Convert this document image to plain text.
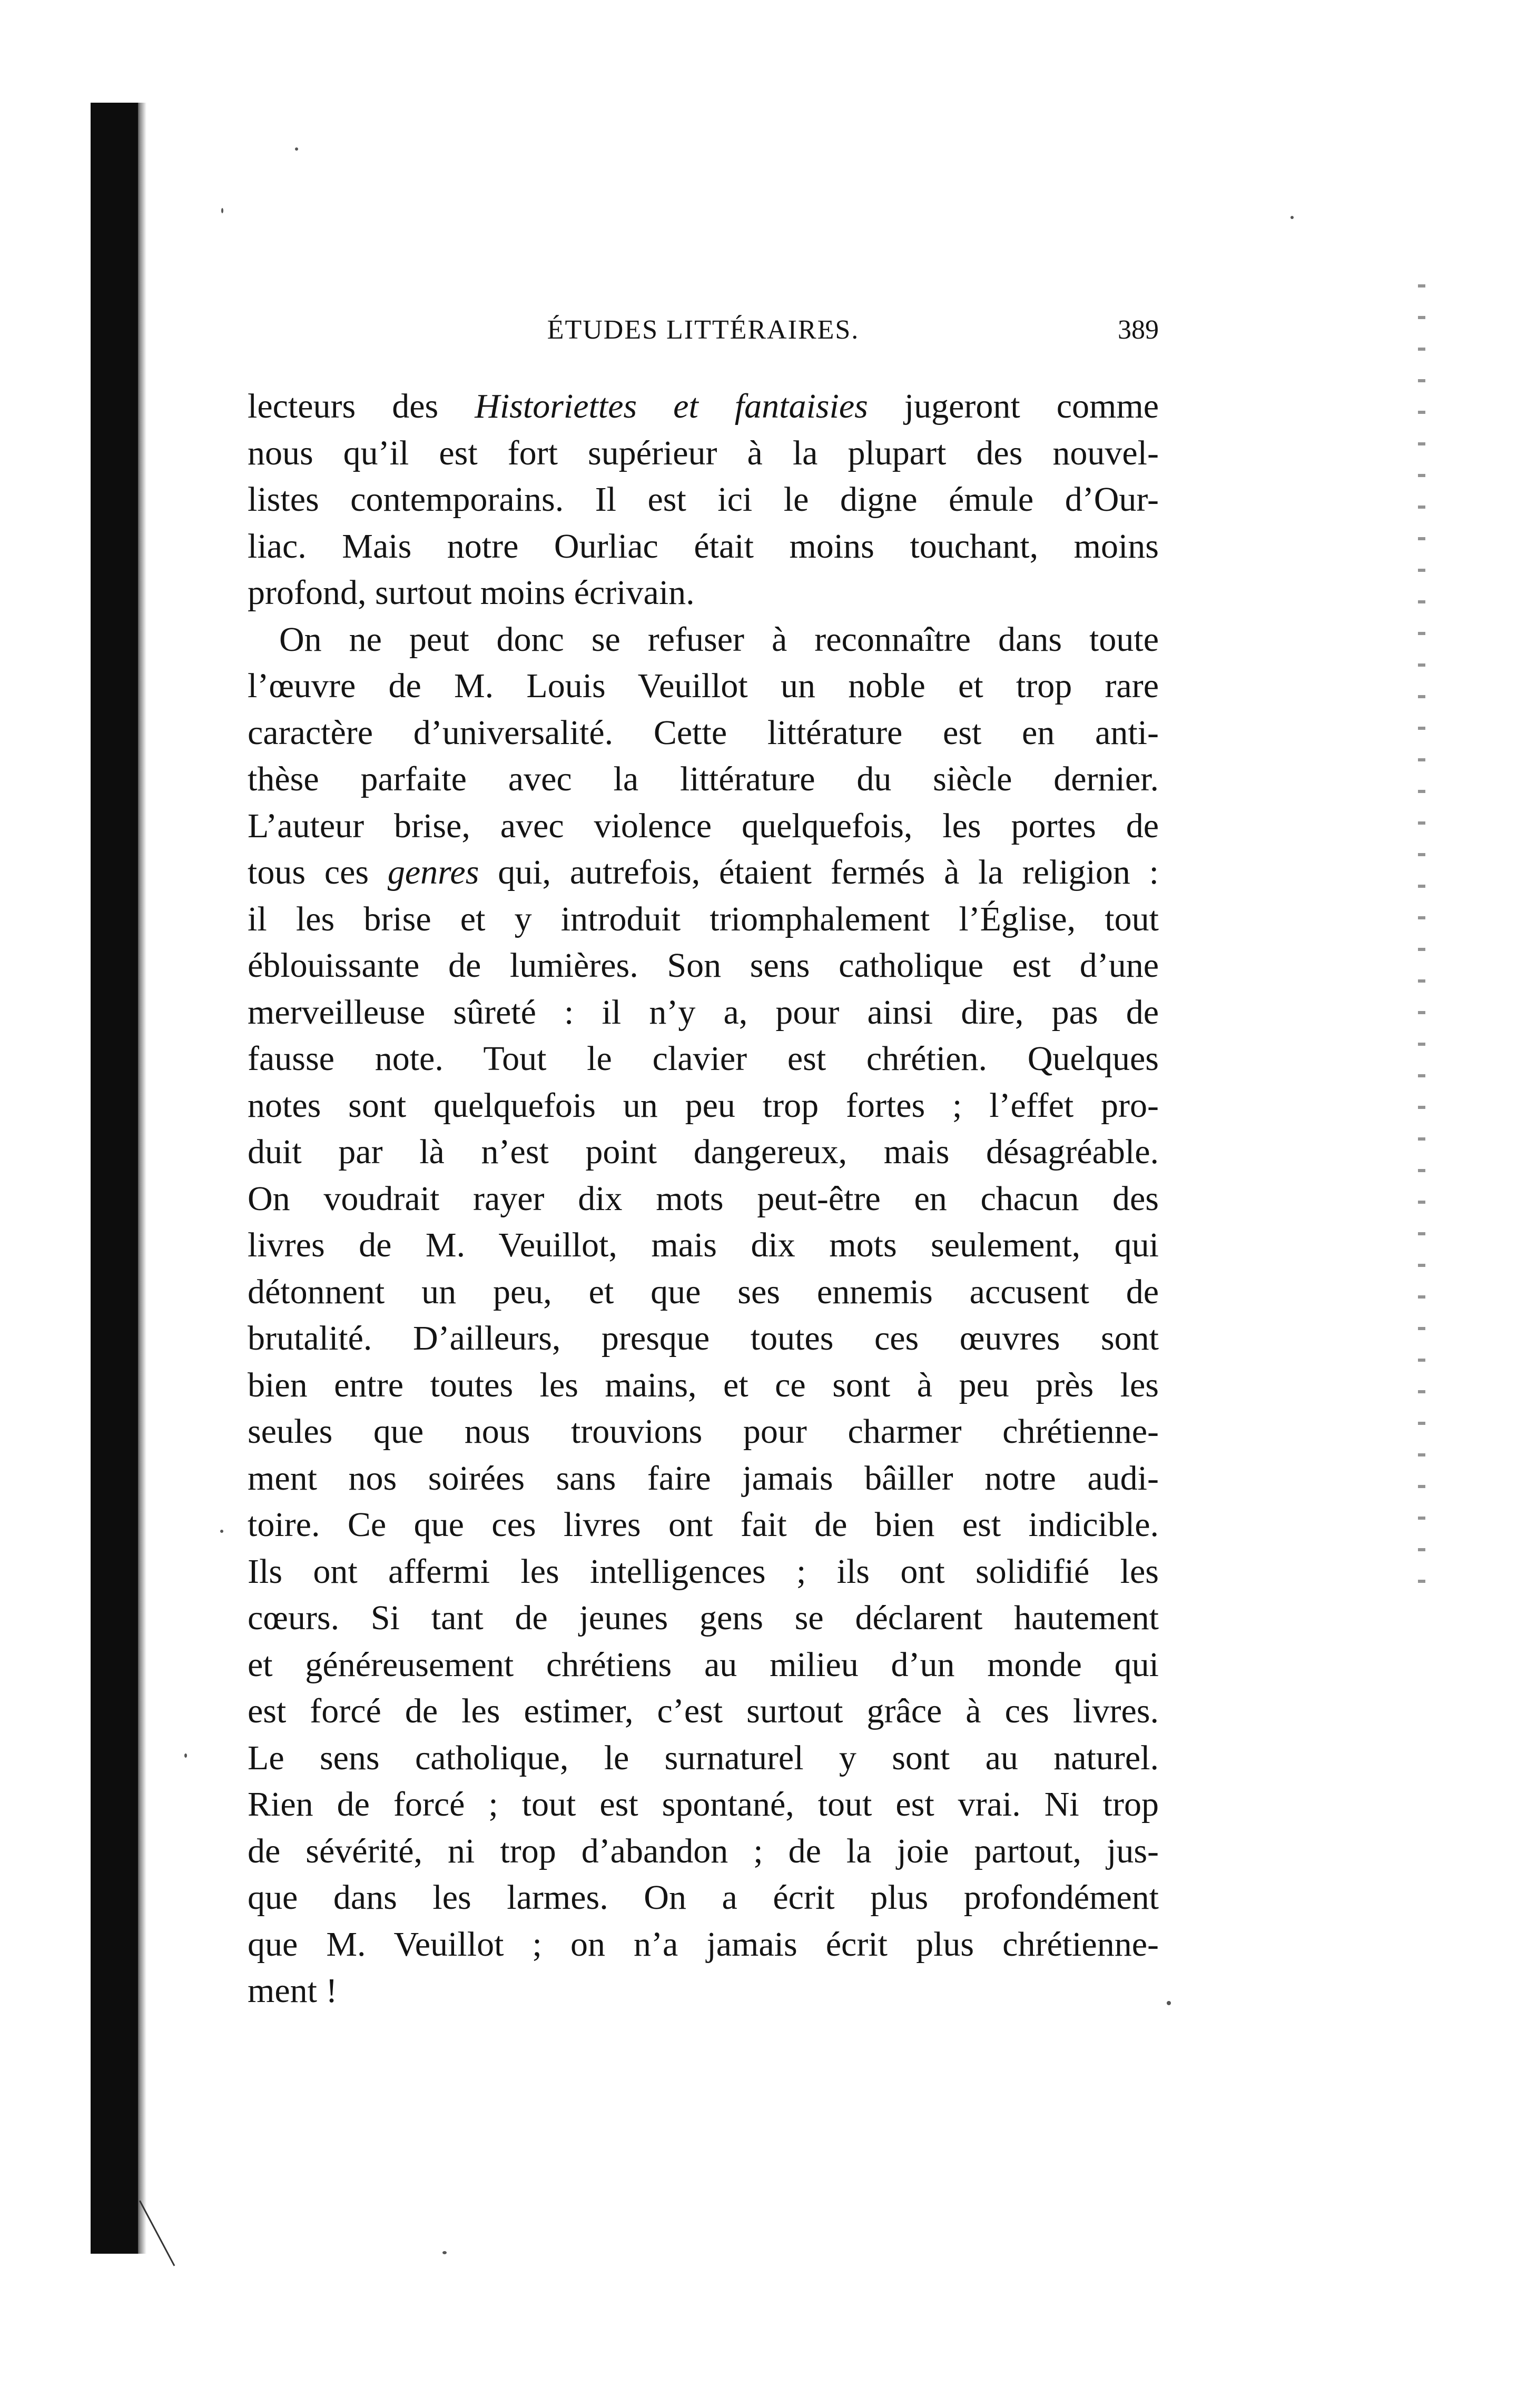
ÉTUDES LITTÉRAIRES.	389
lecteurs des Historiettes et fantaisies jugeront comme
nous qu’il est fort supérieur à la plupart des nouvel-
listes contemporains. Il est ici le digne émule d’Our-
liac. Mais notre Ourliac était moins touchant, moins
profond, surtout moins écrivain.
On ne peut donc se refuser à reconnaître dans toute
l’œuvre de M. Louis Veuillot un noble et trop rare
caractère d’universalité. Cette littérature est en anti-
thèse parfaite avec la littérature du siècle dernier.
L’auteur brise, avec violence quelquefois, les portes de
tous ces genres qui, autrefois, étaient fermés à la religion :
il les brise et y introduit triomphalement l’Église, tout
éblouissante de lumières. Son sens catholique est d’une
merveilleuse sûreté : il n’y a, pour ainsi dire, pas de
fausse note. Tout le clavier est chrétien. Quelques
notes sont quelquefois un peu trop fortes ; l’effet pro-
duit par là n’est point dangereux, mais désagréable.
On voudrait rayer dix mots peut-être en chacun des
livres de M. Veuillot, mais dix mots seulement, qui
détonnent un peu, et que ses ennemis accusent de
brutalité. D’ailleurs, presque toutes ces œuvres sont
bien entre toutes les mains, et ce sont à peu près les
seules que nous trouvions pour charmer chrétienne-
ment nos soirées sans faire jamais bâiller notre audi-
toire. Ce que ces livres ont fait de bien est indicible.
Ils ont affermi les intelligences ; ils ont solidifié les
cœurs. Si tant de jeunes gens se déclarent hautement
et généreusement chrétiens au milieu d’un monde qui
est forcé de les estimer, c’est surtout grâce à ces livres.
Le sens catholique, le surnaturel y sont au naturel.
Rien de forcé ; tout est spontané, tout est vrai. Ni trop
de sévérité, ni trop d’abandon ; de la joie partout, jus-
que dans les larmes. On a écrit plus profondément
que M. Veuillot ; on n’a jamais écrit plus chrétienne-
ment !
